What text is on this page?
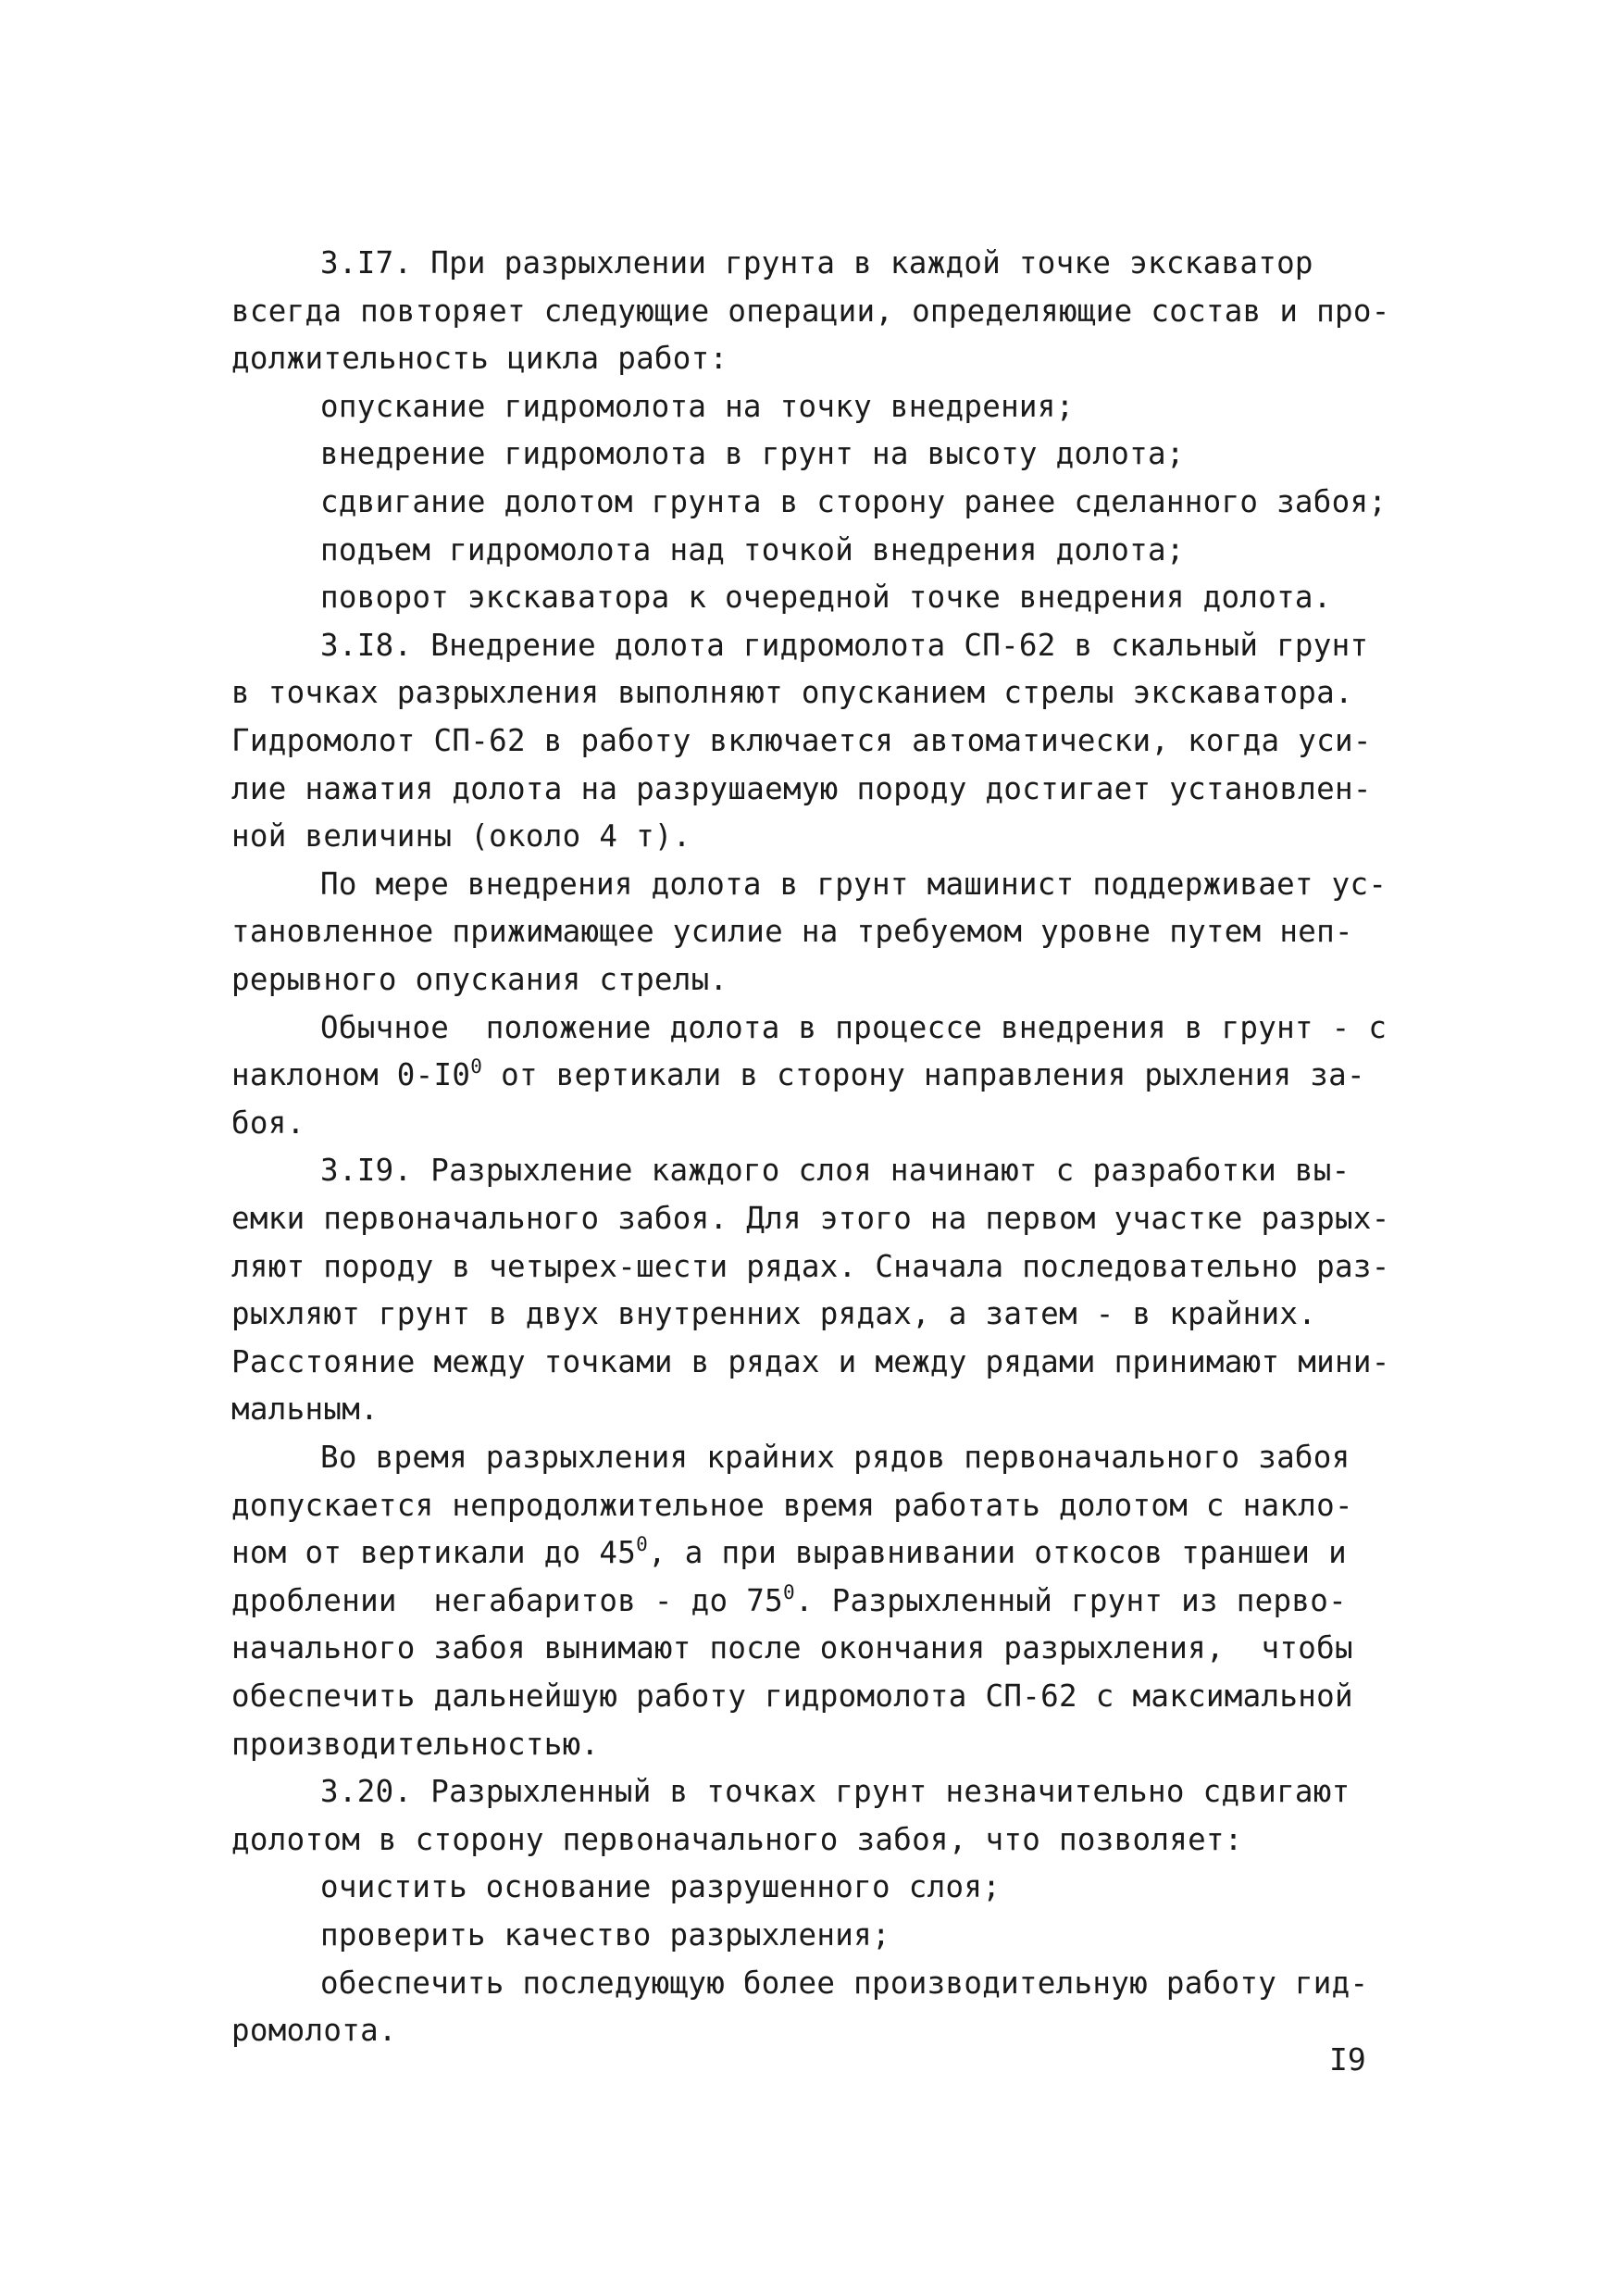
3.I7. При разрыхлении грунта в каждой точке экскаватор
всегда повторяет следующие операции, определяющие состав и про-
должительность цикла работ:
опускание гидромолота на точку внедрения;
внедрение гидромолота в грунт на высоту долота;
сдвигание долотом грунта в сторону ранее сделанного забоя;
подъем гидромолота над точкой внедрения долота;
поворот экскаватора к очередной точке внедрения долота.
3.I8. Внедрение долота гидромолота СП-62 в скальный грунт
в точках разрыхления выполняют опусканием стрелы экскаватора.
Гидромолот СП-62 в работу включается автоматически, когда уси-
лие нажатия долота на разрушаемую породу достигает установлен-
ной величины (около 4 т).
По мере внедрения долота в грунт машинист поддерживает ус-
тановленное прижимающее усилие на требуемом уровне путем неп-
рерывного опускания стрелы.
Обычное  положение долота в процессе внедрения в грунт - с
наклоном $0-I0^0$ от вертикали в сторону направления рыхления за-
боя.
3.I9. Разрыхление каждого слоя начинают с разработки вы-
емки первоначального забоя. Для этого на первом участке разрых-
ляют породу в четырех-шести рядах. Сначала последовательно раз-
рыхляют грунт в двух внутренних рядах, а затем - в крайних.
Расстояние между точками в рядах и между рядами принимают мини-
мальным.
Во время разрыхления крайних рядов первоначального забоя
допускается непродолжительное время работать долотом с накло-
ном от вертикали до $45^0$, а при выравнивании откосов траншеи и
дроблении  негабаритов - до $75^0$. Разрыхленный грунт из перво-
начального забоя вынимают после окончания разрыхления,  чтобы
обеспечить дальнейшую работу гидромолота СП-62 с максимальной
производительностью.
3.20. Разрыхленный в точках грунт незначительно сдвигают
долотом в сторону первоначального забоя, что позволяет:
очистить основание разрушенного слоя;
проверить качество разрыхления;
обеспечить последующую более производительную работу гид-
ромолота.
I9
